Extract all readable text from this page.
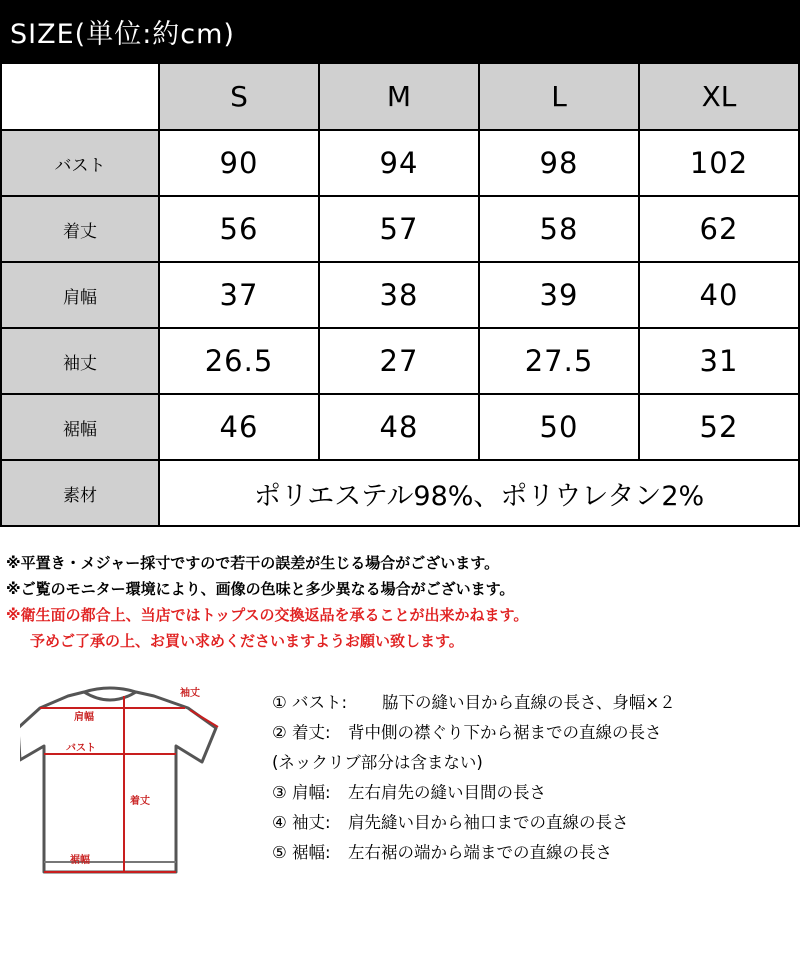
SIZE(単位:約cm)
	S	M	L	XL
バスト	90	94	98	102
着丈	56	57	58	62
肩幅	37	38	39	40
袖丈	26.5	27	27.5	31
裾幅	46	48	50	52
素材	ポリエステル98%、ポリウレタン2%			
※平置き・メジャー採寸ですので若干の誤差が生じる場合がございます。
※ご覧のモニター環境により、画像の色味と多少異なる場合がございます。
※衛生面の都合上、当店ではトップスの交換返品を承ることが出来かねます。
予めご了承の上、お買い求めくださいますようお願い致します。
袖丈
肩幅
バスト
着丈
裾幅
① バスト: 脇下の縫い目から直線の長さ、身幅×２
② 着丈: 背中側の襟ぐり下から裾までの直線の長さ
(ネックリブ部分は含まない)
③ 肩幅: 左右肩先の縫い目間の長さ
④ 袖丈: 肩先縫い目から袖口までの直線の長さ
⑤ 裾幅: 左右裾の端から端までの直線の長さ
